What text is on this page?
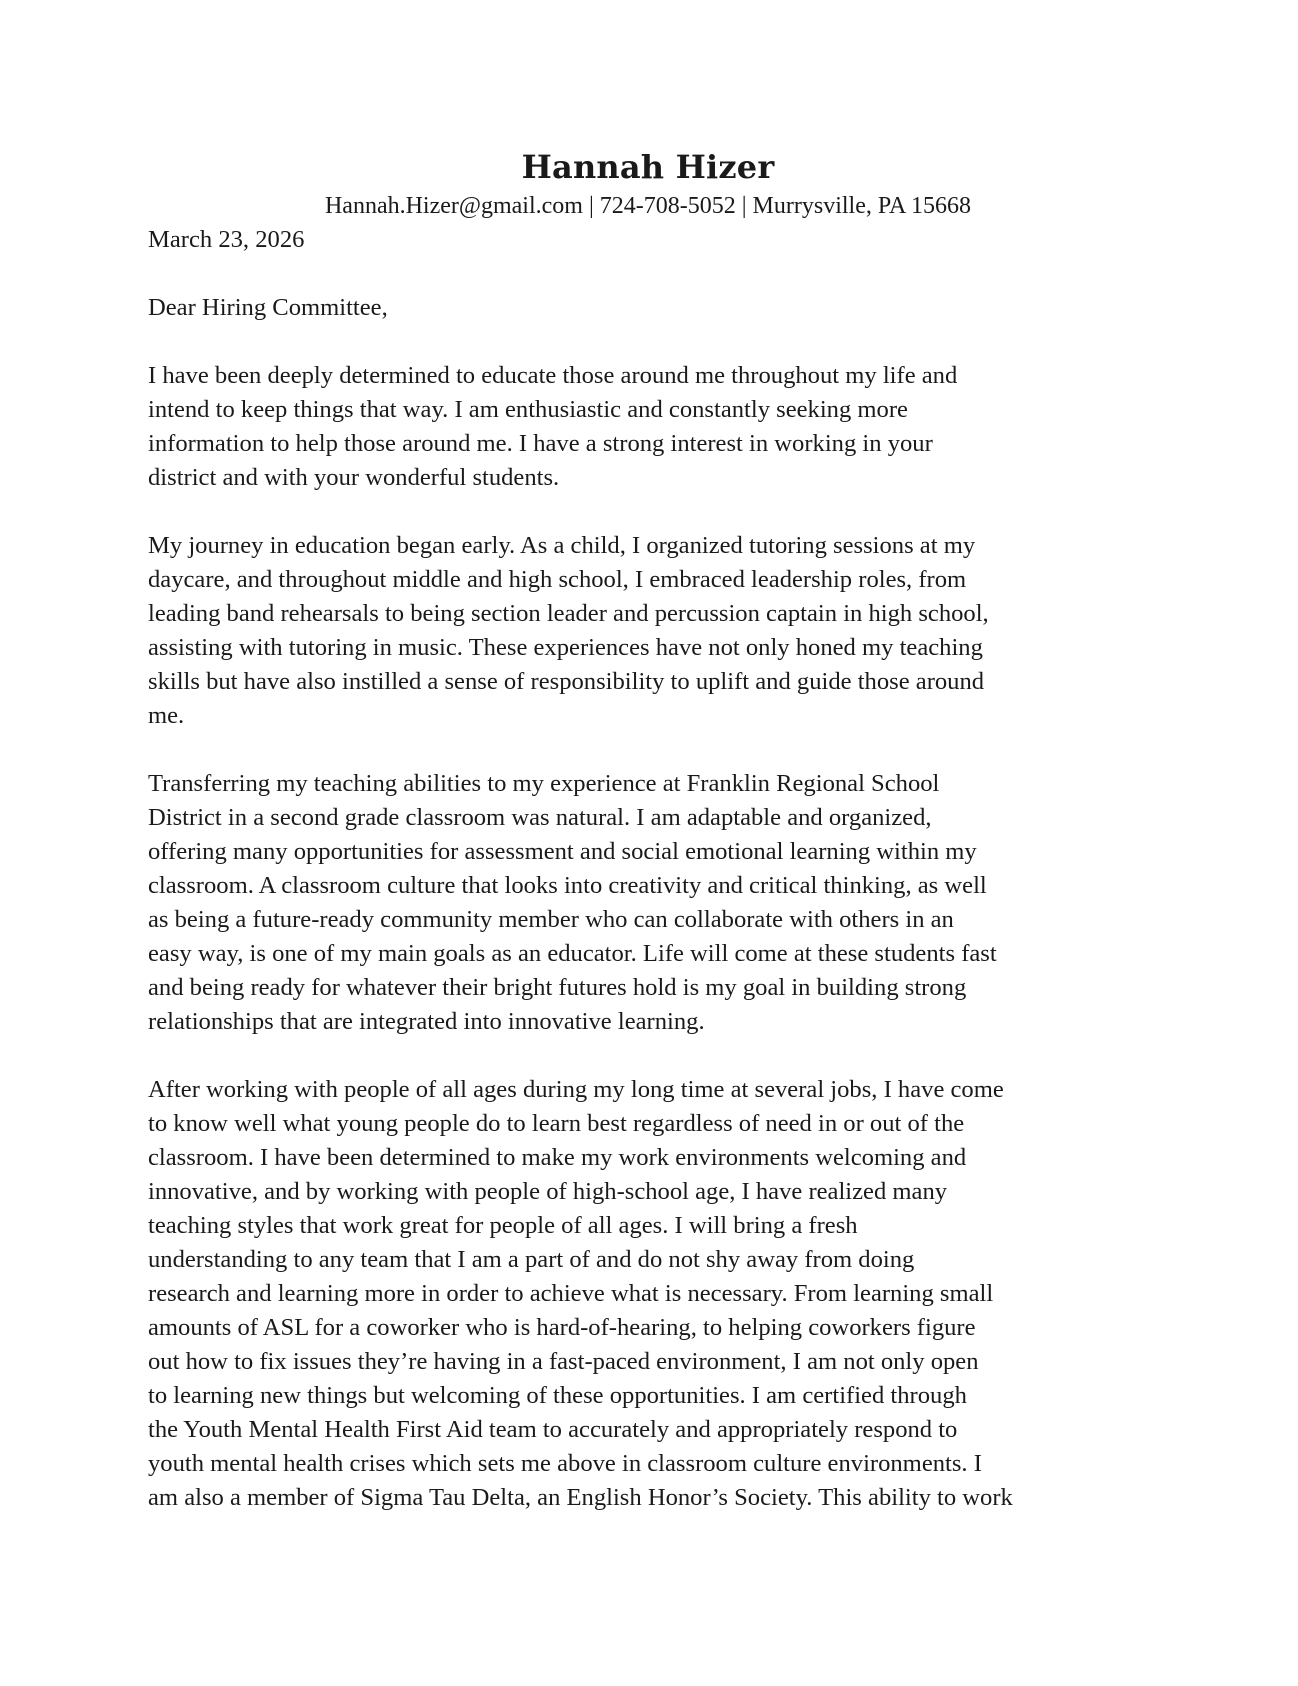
Hannah Hizer

Hannah.Hizer@gmail.com | 724-708-5052 | Murrysville, PA 15668

March 23, 2026

Dear Hiring Committee,

I have been deeply determined to educate those around me throughout my life and
intend to keep things that way. I am enthusiastic and constantly seeking more
information to help those around me. I have a strong interest in working in your
district and with your wonderful students.
My journey in education began early. As a child, I organized tutoring sessions at my
daycare, and throughout middle and high school, I embraced leadership roles, from
leading band rehearsals to being section leader and percussion captain in high school,
assisting with tutoring in music. These experiences have not only honed my teaching
skills but have also instilled a sense of responsibility to uplift and guide those around
me.
Transferring my teaching abilities to my experience at Franklin Regional School
District in a second grade classroom was natural. I am adaptable and organized,
offering many opportunities for assessment and social emotional learning within my
classroom. A classroom culture that looks into creativity and critical thinking, as well
as being a future-ready community member who can collaborate with others in an
easy way, is one of my main goals as an educator. Life will come at these students fast
and being ready for whatever their bright futures hold is my goal in building strong
relationships that are integrated into innovative learning.
After working with people of all ages during my long time at several jobs, I have come
to know well what young people do to learn best regardless of need in or out of the
classroom. I have been determined to make my work environments welcoming and
innovative, and by working with people of high-school age, I have realized many
teaching styles that work great for people of all ages. I will bring a fresh
understanding to any team that I am a part of and do not shy away from doing
research and learning more in order to achieve what is necessary. From learning small
amounts of ASL for a coworker who is hard-of-hearing, to helping coworkers figure
out how to fix issues they’re having in a fast-paced environment, I am not only open
to learning new things but welcoming of these opportunities. I am certified through
the Youth Mental Health First Aid team to accurately and appropriately respond to
youth mental health crises which sets me above in classroom culture environments. I
am also a member of Sigma Tau Delta, an English Honor’s Society. This ability to work
